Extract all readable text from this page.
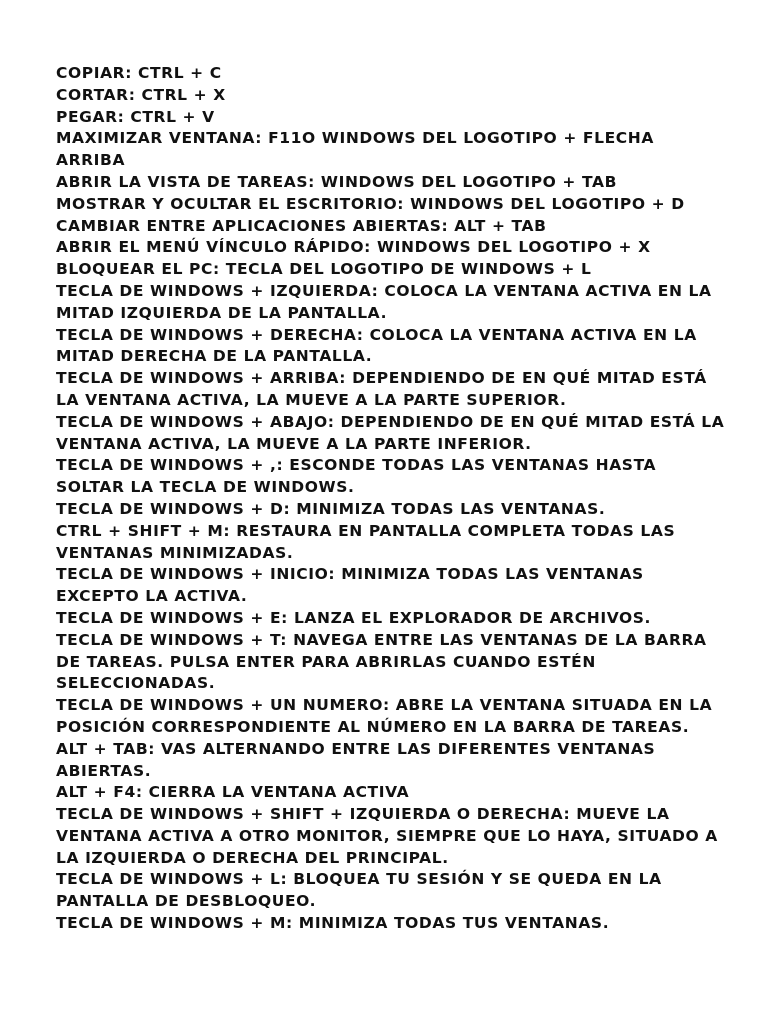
COPIAR: CTRL + C
CORTAR: CTRL + X
PEGAR: CTRL + V
MAXIMIZAR VENTANA: F11O WINDOWS DEL LOGOTIPO + FLECHA ARRIBA
ABRIR LA VISTA DE TAREAS: WINDOWS DEL LOGOTIPO + TAB
MOSTRAR Y OCULTAR EL ESCRITORIO: WINDOWS DEL LOGOTIPO + D
CAMBIAR ENTRE APLICACIONES ABIERTAS: ALT + TAB
ABRIR EL MENÚ VÍNCULO RÁPIDO: WINDOWS DEL LOGOTIPO + X
BLOQUEAR EL PC: TECLA DEL LOGOTIPO DE WINDOWS + L
TECLA DE WINDOWS + IZQUIERDA: COLOCA LA VENTANA ACTIVA EN LA MITAD IZQUIERDA DE LA PANTALLA.
TECLA DE WINDOWS + DERECHA: COLOCA LA VENTANA ACTIVA EN LA MITAD DERECHA DE LA PANTALLA.
TECLA DE WINDOWS + ARRIBA: DEPENDIENDO DE EN QUÉ MITAD ESTÁ LA VENTANA ACTIVA, LA MUEVE A LA PARTE SUPERIOR.
TECLA DE WINDOWS + ABAJO: DEPENDIENDO DE EN QUÉ MITAD ESTÁ LA VENTANA ACTIVA, LA MUEVE A LA PARTE INFERIOR.
TECLA DE WINDOWS + ,: ESCONDE TODAS LAS VENTANAS HASTA SOLTAR LA TECLA DE WINDOWS.
TECLA DE WINDOWS + D: MINIMIZA TODAS LAS VENTANAS.
CTRL + SHIFT + M: RESTAURA EN PANTALLA COMPLETA TODAS LAS VENTANAS MINIMIZADAS.
TECLA DE WINDOWS + INICIO: MINIMIZA TODAS LAS VENTANAS EXCEPTO LA ACTIVA.
TECLA DE WINDOWS + E: LANZA EL EXPLORADOR DE ARCHIVOS.
TECLA DE WINDOWS + T: NAVEGA ENTRE LAS VENTANAS DE LA BARRA DE TAREAS. PULSA ENTER PARA ABRIRLAS CUANDO ESTÉN SELECCIONADAS.
TECLA DE WINDOWS + UN NUMERO: ABRE LA VENTANA SITUADA EN LA POSICIÓN CORRESPONDIENTE AL NÚMERO EN LA BARRA DE TAREAS.
ALT + TAB: VAS ALTERNANDO ENTRE LAS DIFERENTES VENTANAS ABIERTAS.
ALT + F4: CIERRA LA VENTANA ACTIVA
TECLA DE WINDOWS + SHIFT + IZQUIERDA O DERECHA: MUEVE LA VENTANA ACTIVA A OTRO MONITOR, SIEMPRE QUE LO HAYA, SITUADO A LA IZQUIERDA O DERECHA DEL PRINCIPAL.
TECLA DE WINDOWS + L: BLOQUEA TU SESIÓN Y SE QUEDA EN LA PANTALLA DE DESBLOQUEO.
TECLA DE WINDOWS + M: MINIMIZA TODAS TUS VENTANAS.
